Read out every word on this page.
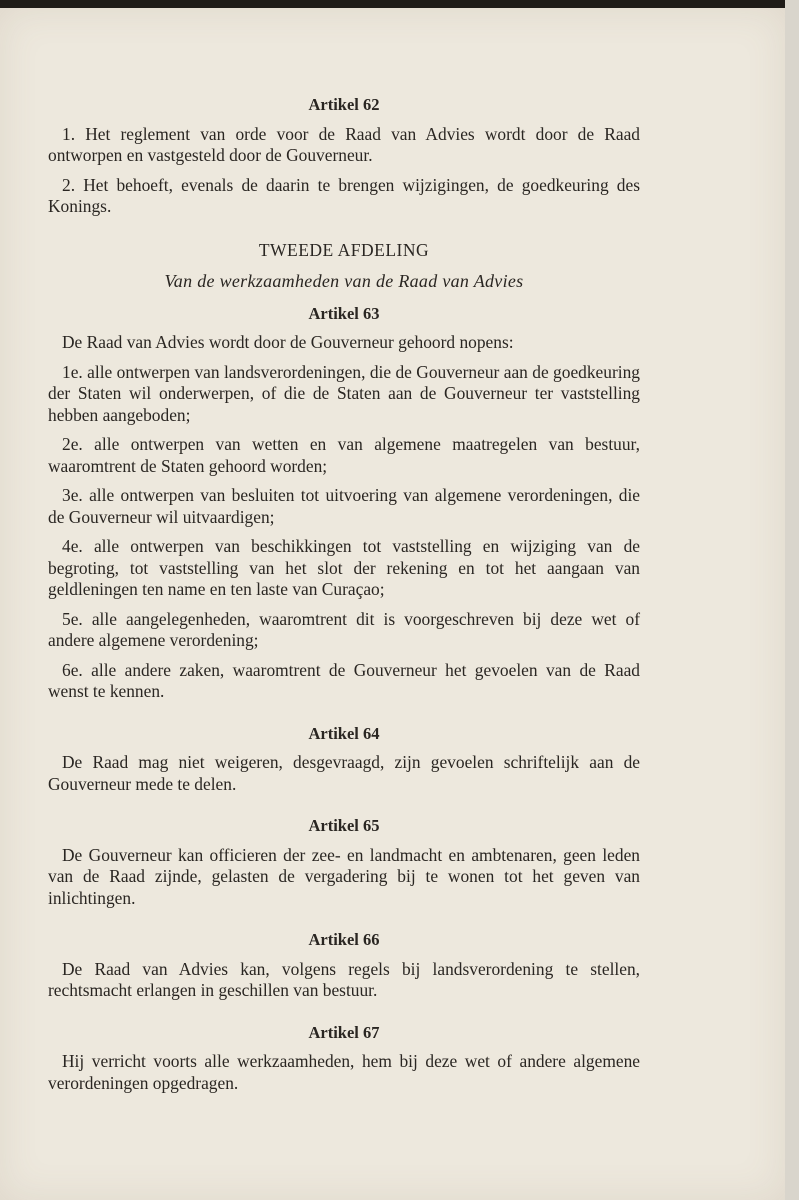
Artikel 62

1. Het reglement van orde voor de Raad van Advies wordt door de Raad ontworpen en vastgesteld door de Gouverneur.

2. Het behoeft, evenals de daarin te brengen wijzigingen, de goedkeuring des Konings.

TWEEDE AFDELING
Van de werkzaamheden van de Raad van Advies
Artikel 63

De Raad van Advies wordt door de Gouverneur gehoord nopens:

1e. alle ontwerpen van landsverordeningen, die de Gouverneur aan de goedkeuring der Staten wil onderwerpen, of die de Staten aan de Gouverneur ter vaststelling hebben aangeboden;

2e. alle ontwerpen van wetten en van algemene maatregelen van bestuur, waaromtrent de Staten gehoord worden;

3e. alle ontwerpen van besluiten tot uitvoering van algemene verordeningen, die de Gouverneur wil uitvaardigen;

4e. alle ontwerpen van beschikkingen tot vaststelling en wijziging van de begroting, tot vaststelling van het slot der rekening en tot het aangaan van geldleningen ten name en ten laste van Curaçao;

5e. alle aangelegenheden, waaromtrent dit is voorgeschreven bij deze wet of andere algemene verordening;

6e. alle andere zaken, waaromtrent de Gouverneur het gevoelen van de Raad wenst te kennen.

Artikel 64

De Raad mag niet weigeren, desgevraagd, zijn gevoelen schriftelijk aan de Gouverneur mede te delen.

Artikel 65

De Gouverneur kan officieren der zee- en landmacht en ambtenaren, geen leden van de Raad zijnde, gelasten de vergadering bij te wonen tot het geven van inlichtingen.

Artikel 66

De Raad van Advies kan, volgens regels bij landsverordening te stellen, rechtsmacht erlangen in geschillen van bestuur.

Artikel 67

Hij verricht voorts alle werkzaamheden, hem bij deze wet of andere algemene verordeningen opgedragen.
